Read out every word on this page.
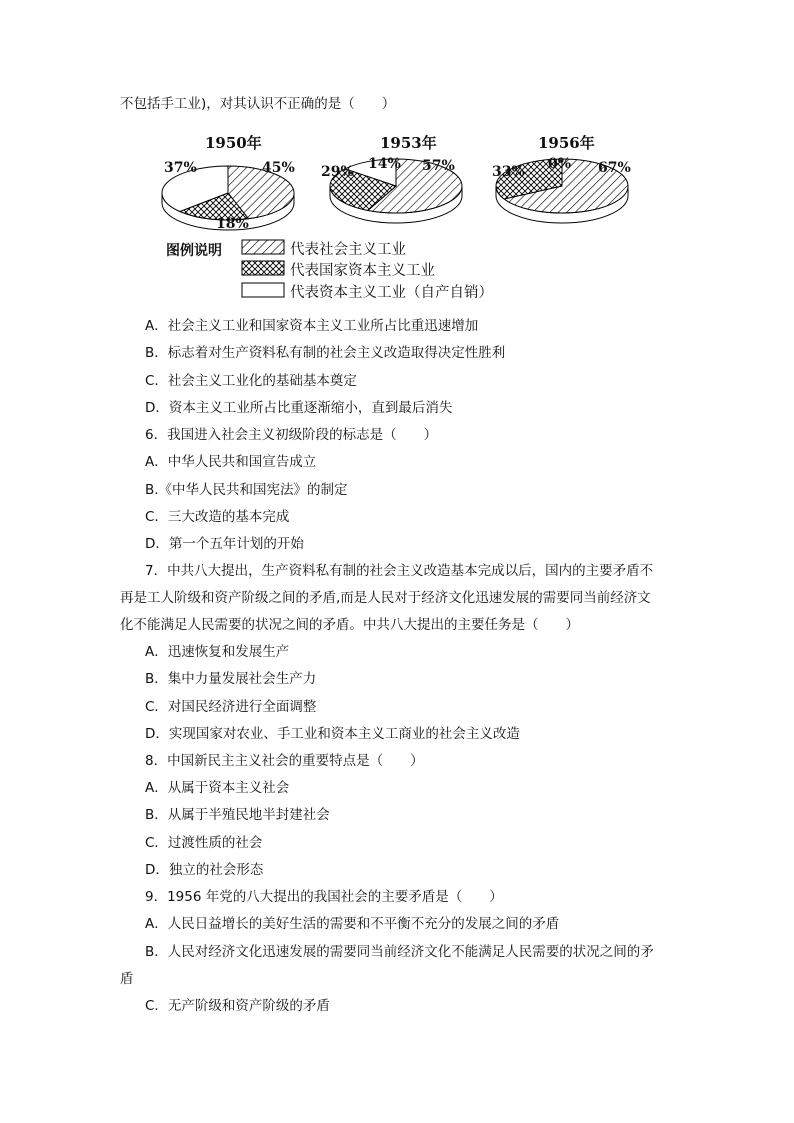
不包括手工业)，对其认识不正确的是（　　）
1950年	1953年	1956年
37%	45%
18%
14% 57%
29%	33% 0% 67%
图例说明	代表社会主义工业
代表国家资本主义工业
代表资本主义工业（自产自销）
A．社会主义工业和国家资本主义工业所占比重迅速增加
B．标志着对生产资料私有制的社会主义改造取得决定性胜利
C．社会主义工业化的基础基本奠定
D．资本主义工业所占比重逐渐缩小，直到最后消失
6．我国进入社会主义初级阶段的标志是（　　）
A．中华人民共和国宣告成立
B.《中华人民共和国宪法》的制定
C．三大改造的基本完成
D．第一个五年计划的开始
7．中共八大提出，生产资料私有制的社会主义改造基本完成以后，国内的主要矛盾不
再是工人阶级和资产阶级之间的矛盾,而是人民对于经济文化迅速发展的需要同当前经济文
化不能满足人民需要的状况之间的矛盾。中共八大提出的主要任务是（　　）
A．迅速恢复和发展生产
B．集中力量发展社会生产力
C．对国民经济进行全面调整
D．实现国家对农业、手工业和资本主义工商业的社会主义改造
8．中国新民主主义社会的重要特点是（　　）
A．从属于资本主义社会
B．从属于半殖民地半封建社会
C．过渡性质的社会
D．独立的社会形态
9．1956 年党的八大提出的我国社会的主要矛盾是（　　）
A．人民日益增长的美好生活的需要和不平衡不充分的发展之间的矛盾
B．人民对经济文化迅速发展的需要同当前经济文化不能满足人民需要的状况之间的矛
盾
C．无产阶级和资产阶级的矛盾
